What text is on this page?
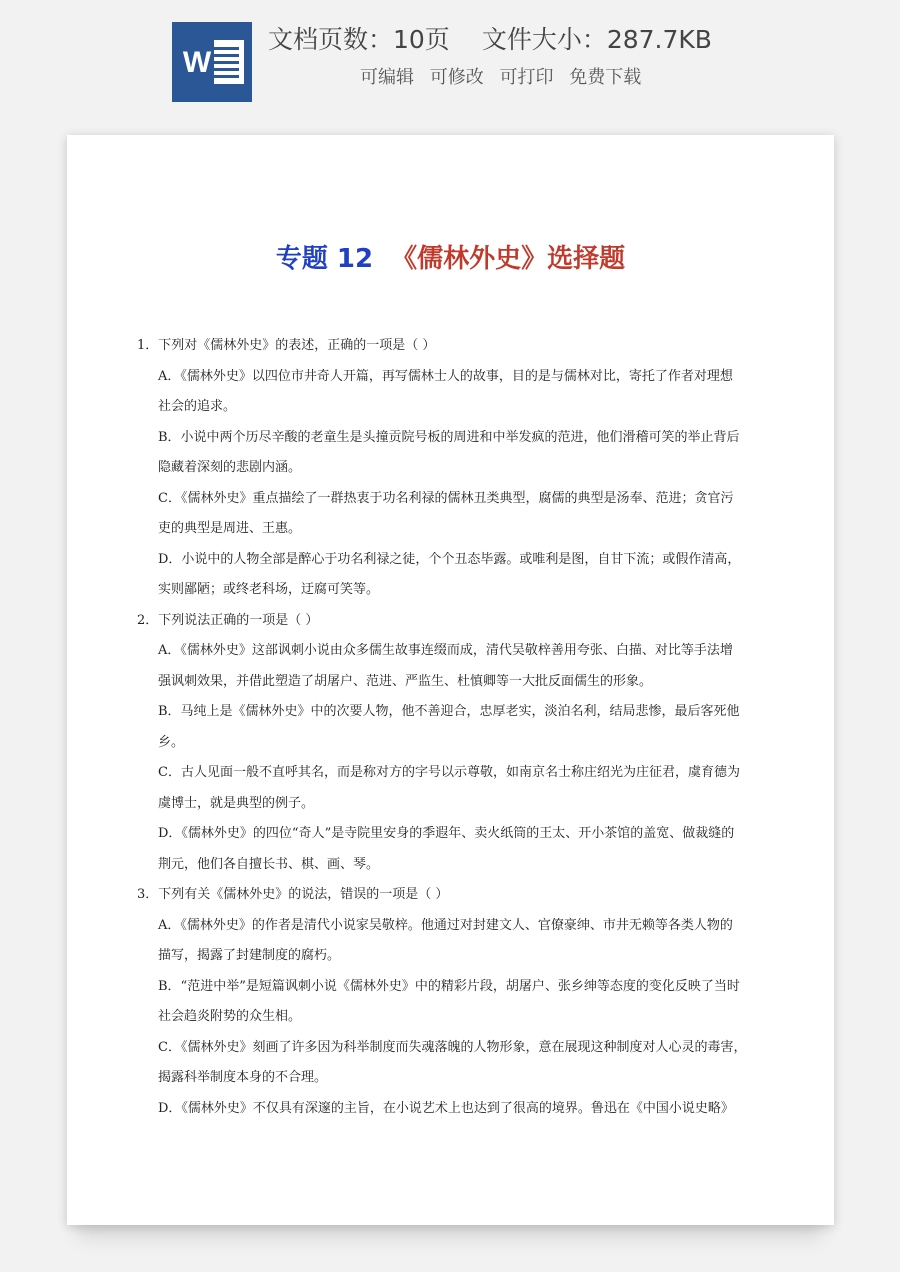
W
文档页数：10页 文件大小：287.7KB
可编辑 可修改 可打印 免费下载
专题 12 《儒林外史》选择题
1．下列对《儒林外史》的表述，正确的一项是（ ）
A．《儒林外史》以四位市井奇人开篇，再写儒林士人的故事，目的是与儒林对比，寄托了作者对理想
社会的追求。
B．小说中两个历尽辛酸的老童生是头撞贡院号板的周进和中举发疯的范进，他们滑稽可笑的举止背后
隐藏着深刻的悲剧内涵。
C．《儒林外史》重点描绘了一群热衷于功名利禄的儒林丑类典型，腐儒的典型是汤奉、范进；贪官污
吏的典型是周进、王惠。
D．小说中的人物全部是醉心于功名利禄之徒，个个丑态毕露。或唯利是图，自甘下流；或假作清高，
实则鄙陋；或终老科场，迂腐可笑等。
2．下列说法正确的一项是（ ）
A．《儒林外史》这部讽刺小说由众多儒生故事连缀而成，清代吴敬梓善用夸张、白描、对比等手法增
强讽刺效果，并借此塑造了胡屠户、范进、严监生、杜慎卿等一大批反面儒生的形象。
B．马纯上是《儒林外史》中的次要人物，他不善迎合，忠厚老实，淡泊名利，结局悲惨，最后客死他
乡。
C．古人见面一般不直呼其名，而是称对方的字号以示尊敬，如南京名士称庄绍光为庄征君，虞育德为
虞博士，就是典型的例子。
D．《儒林外史》的四位“奇人”是寺院里安身的季遐年、卖火纸筒的王太、开小茶馆的盖宽、做裁缝的
荆元，他们各自擅长书、棋、画、琴。
3．下列有关《儒林外史》的说法，错误的一项是（ ）
A．《儒林外史》的作者是清代小说家吴敬梓。他通过对封建文人、官僚豪绅、市井无赖等各类人物的
描写，揭露了封建制度的腐朽。
B．“范进中举”是短篇讽刺小说《儒林外史》中的精彩片段，胡屠户、张乡绅等态度的变化反映了当时
社会趋炎附势的众生相。
C．《儒林外史》刻画了许多因为科举制度而失魂落魄的人物形象，意在展现这种制度对人心灵的毒害，
揭露科举制度本身的不合理。
D．《儒林外史》不仅具有深邃的主旨，在小说艺术上也达到了很高的境界。鲁迅在《中国小说史略》
